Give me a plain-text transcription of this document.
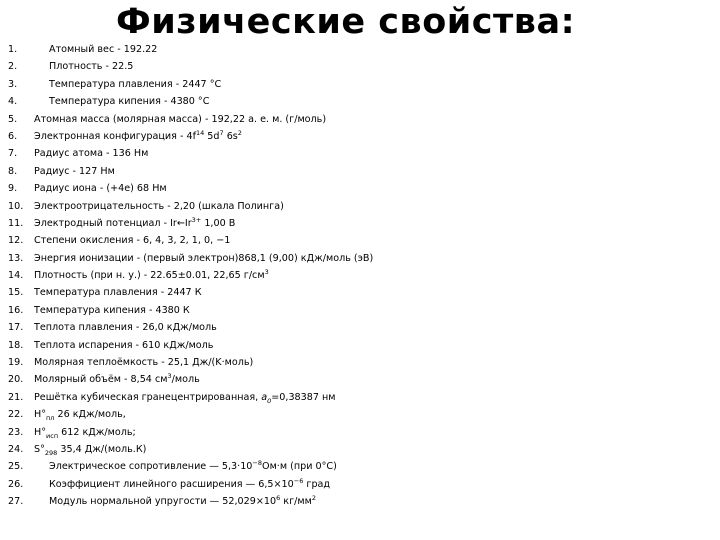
Физические свойства:
1.	Атомный вес - 192.22
2.	Плотность - 22.5
3.	Температура плавления - 2447 °C
4.	Температура кипения - 4380 °C
5.	Атомная масса (молярная масса) - 192,22 а. е. м. (г/моль)
6.	Электронная конфигурация - $4f^{14}$ $5d^7$ $6s^2$
7.	Радиус атома - 136 Нм
8.	Радиус - 127 Нм
9.	Радиус иона - (+4e) 68 Нм
10.	Электроотрицательность - 2,20 (шкала Полинга)
11.	Электродный потенциал - $Ir\leftarrow Ir^{3+}$ 1,00 В
12.	Степени окисления - 6, 4, 3, 2, 1, 0, −1
13.	Энергия ионизации - (первый электрон)868,1 (9,00) кДж/моль (эВ)
14.	Плотность (при н. у.) - 22.65±0.01, 22,65 $г/см^3$
15.	Температура плавления - 2447 К
16.	Температура кипения - 4380 К
17.	Теплота плавления - 26,0 кДж/моль
18.	Теплота испарения - 610 кДж/моль
19.	Молярная теплоёмкость - 25,1 Дж/(K·моль)
20.	Молярный объём - 8,54 $см^3$/моль
21.	Решётка кубическая гранецентрированная, $a_0=0,38387$ нм
22.	$H^\circ_{пл}$ 26 кДж/моль,
23.	$H^\circ_{исп}$ 612 кДж/моль;
24.	$S^\circ_{298}$ 35,4 Дж/(моль.К)
25.	Электрическое сопротивление — $5,3\cdot 10^{-8}Ом\cdot м$ (при 0°C)
26.	Коэффициент линейного расширения — $6,5\times 10^{-6}$ град
27.	Модуль нормальной упругости — $52,029\times 10^6$ $кг/мм^2$
